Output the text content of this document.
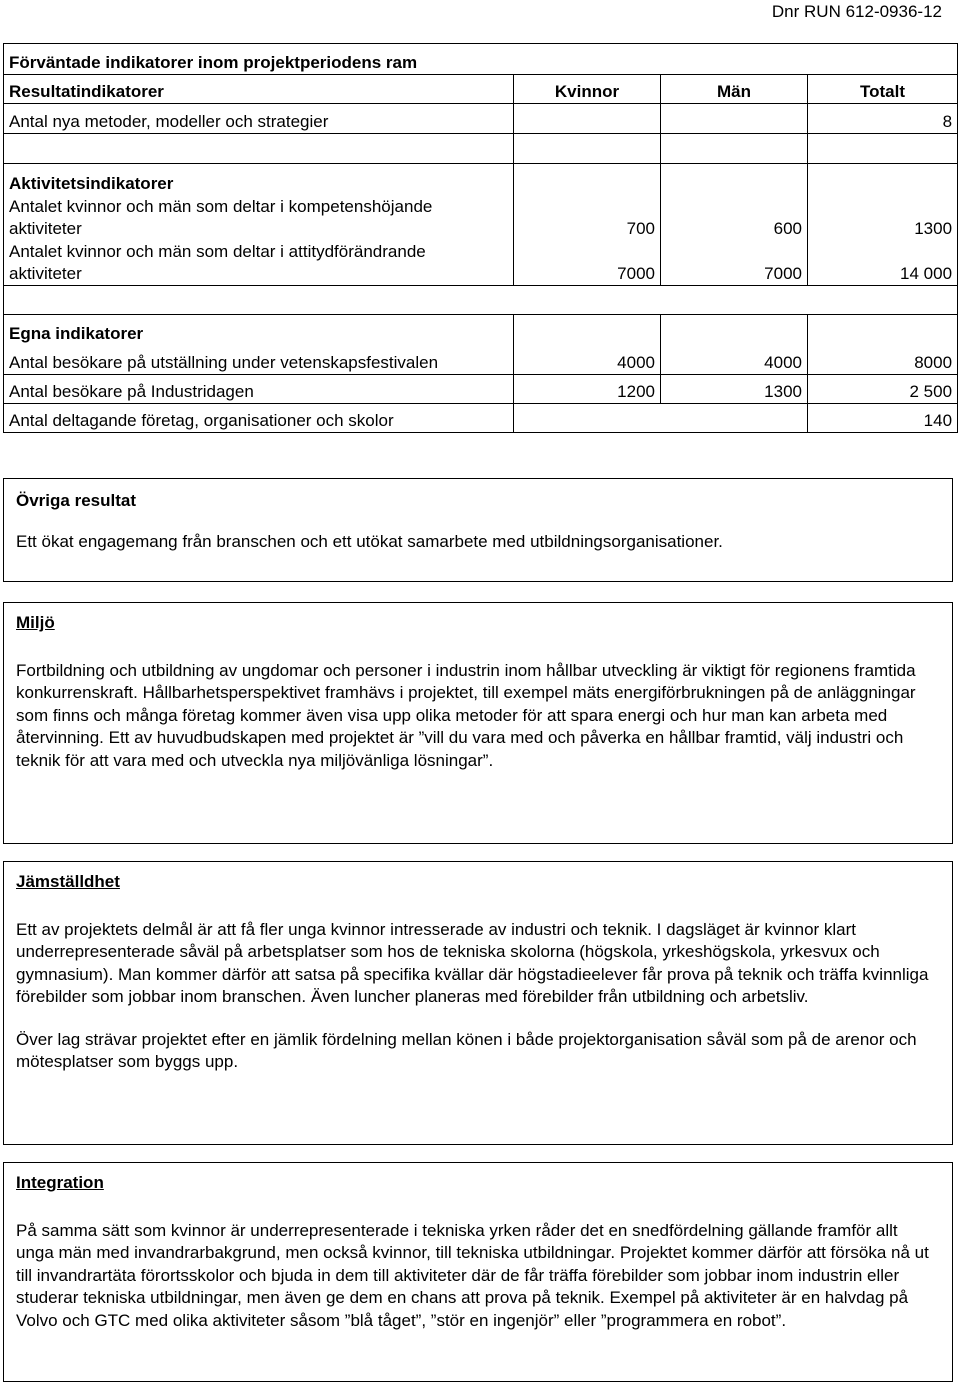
Dnr RUN 612-0936-12
Förväntade indikatorer inom projektperiodens ram			
Resultatindikatorer	Kvinnor	Män	Totalt
Antal nya metoder, modeller och strategier			8

Aktivitetsindikatorer			

Antalet kvinnor och män som deltar i kompetenshöjande
aktiviteter	700	600	1300

Antalet kvinnor och män som deltar i attitydförändrande
aktiviteter	7000	7000	14 000

Egna indikatorer			
Antal besökare på utställning under vetenskapsfestivalen	4000	4000	8000
Antal besökare på Industridagen	1200	1300	2 500
Antal deltagande företag, organisationer och skolor			140
Övriga resultat

Ett ökat engagemang från branschen och ett utökat samarbete med utbildningsorganisationer.

Miljö

Fortbildning och utbildning av ungdomar och personer i industrin inom hållbar utveckling är viktigt för regionens framtida konkurrenskraft. Hållbarhetsperspektivet framhävs i projektet, till exempel mäts energiförbrukningen på de anläggningar som finns och många företag kommer även visa upp olika metoder för att spara energi och hur man kan arbeta med återvinning. Ett av huvudbudskapen med projektet är ”vill du vara med och påverka en hållbar framtid, välj industri och teknik för att vara med och utveckla nya miljövänliga lösningar”.

Jämställdhet

Ett av projektets delmål är att få fler unga kvinnor intresserade av industri och teknik. I dagsläget är kvinnor klart underrepresenterade såväl på arbetsplatser som hos de tekniska skolorna (högskola, yrkeshögskola, yrkesvux och gymnasium). Man kommer därför att satsa på specifika kvällar där högstadieelever får prova på teknik och träffa kvinnliga förebilder som jobbar inom branschen. Även luncher planeras med förebilder från utbildning och arbetsliv.

Över lag strävar projektet efter en jämlik fördelning mellan könen i både projektorganisation såväl som på de arenor och mötesplatser som byggs upp.

Integration

På samma sätt som kvinnor är underrepresenterade i tekniska yrken råder det en snedfördelning gällande framför allt unga män med invandrarbakgrund, men också kvinnor, till tekniska utbildningar. Projektet kommer därför att försöka nå ut till invandrartäta förortsskolor och bjuda in dem till aktiviteter där de får träffa förebilder som jobbar inom industrin eller studerar tekniska utbildningar, men även ge dem en chans att prova på teknik. Exempel på aktiviteter är en halvdag på Volvo och GTC med olika aktiviteter såsom ”blå tåget”, ”stör en ingenjör” eller ”programmera en robot”.
